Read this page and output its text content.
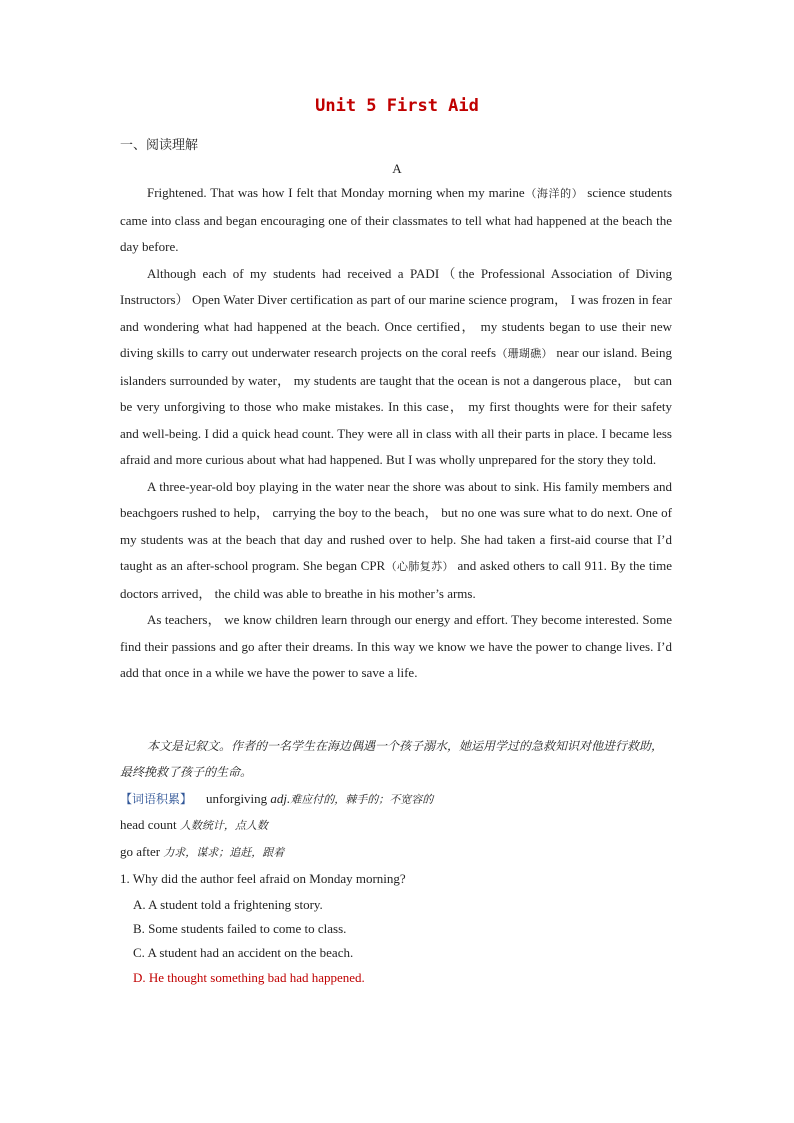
Unit 5 First Aid
一、阅读理解
A

Frightened. That was how I felt that Monday morning when my marine（海洋的） science students came into class and began encouraging one of their classmates to tell what had happened at the beach the day before.

Although each of my students had received a PADI（the Professional Association of Diving Instructors） Open Water Diver certification as part of our marine science program， I was frozen in fear and wondering what had happened at the beach. Once certified， my students began to use their new diving skills to carry out underwater research projects on the coral reefs（珊瑚礁） near our island. Being islanders surrounded by water， my students are taught that the ocean is not a dangerous place， but can be very unforgiving to those who make mistakes. In this case， my first thoughts were for their safety and well-being. I did a quick head count. They were all in class with all their parts in place. I became less afraid and more curious about what had happened. But I was wholly unprepared for the story they told.

A three-year-old boy playing in the water near the shore was about to sink. His family members and beachgoers rushed to help， carrying the boy to the beach， but no one was sure what to do next. One of my students was at the beach that day and rushed over to help. She had taken a first-aid course that I’d taught as an after-school program. She began CPR（心肺复苏） and asked others to call 911. By the time doctors arrived， the child was able to breathe in his mother’s arms.

As teachers， we know children learn through our energy and effort. They become interested. Some find their passions and go after their dreams. In this way we know we have the power to change lives. I’d add that once in a while we have the power to save a life.

本文是记叙文。作者的一名学生在海边偶遇一个孩子溺水，她运用学过的急救知识对他进行救助，最终挽救了孩子的生命。
【词语积累】 unforgiving adj.难应付的，棘手的；不宽容的
head count 人数统计，点人数
go after 力求，谋求；追赶，跟着
1. Why did the author feel afraid on Monday morning?
A. A student told a frightening story.
B. Some students failed to come to class.
C. A student had an accident on the beach.
D. He thought something bad had happened.
